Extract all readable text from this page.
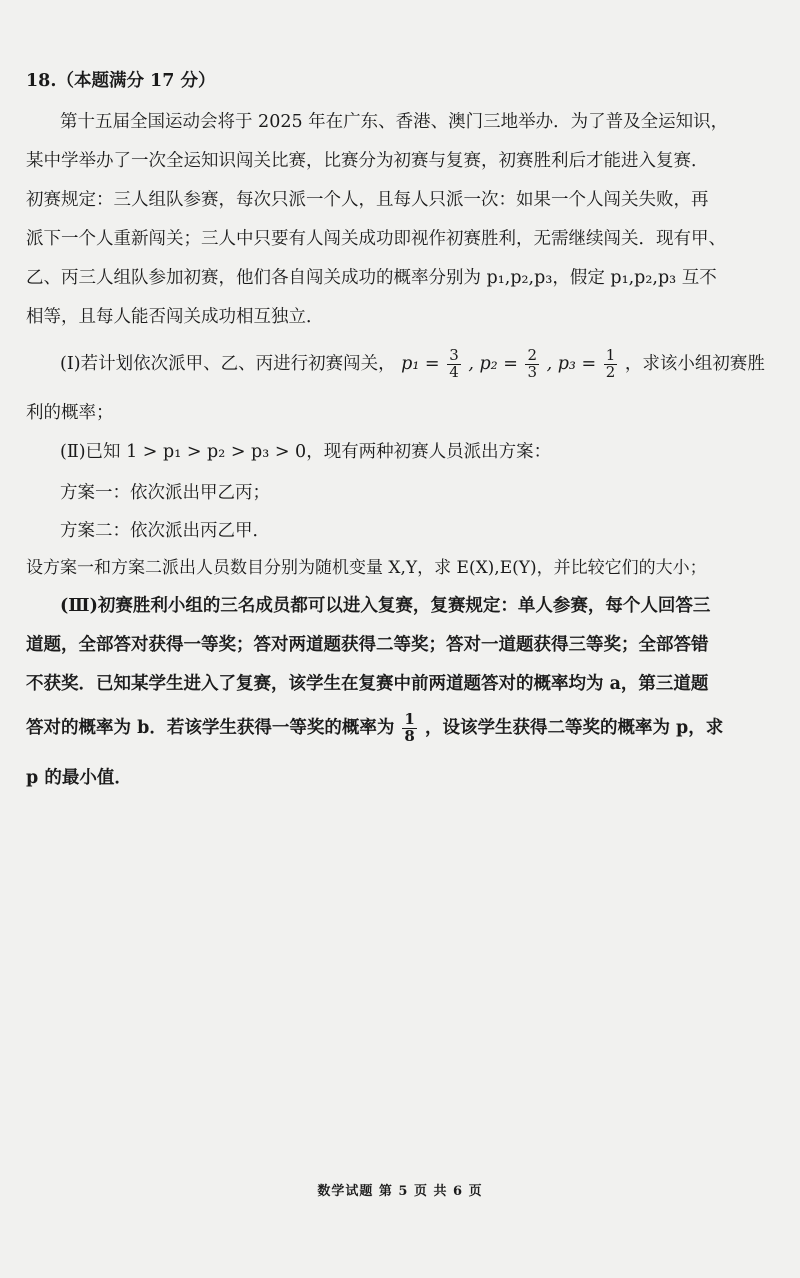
18.（本题满分 17 分）
第十五届全国运动会将于 2025 年在广东、香港、澳门三地举办．为了普及全运知识，
某中学举办了一次全运知识闯关比赛，比赛分为初赛与复赛，初赛胜利后才能进入复赛．
初赛规定：三人组队参赛，每次只派一个人，且每人只派一次：如果一个人闯关失败，再
派下一个人重新闯关；三人中只要有人闯关成功即视作初赛胜利，无需继续闯关．现有甲、
乙、丙三人组队参加初赛，他们各自闯关成功的概率分别为 p₁,p₂,p₃，假定 p₁,p₂,p₃ 互不
相等，且每人能否闯关成功相互独立．
(Ⅰ)若计划依次派甲、乙、丙进行初赛闯关， $p_1 = \frac{3}{4}$ , $p_2 = \frac{2}{3}$ , $p_3 = \frac{1}{2}$ ，求该小组初赛胜
利的概率；
(Ⅱ)已知 1 > p₁ > p₂ > p₃ > 0，现有两种初赛人员派出方案：
方案一：依次派出甲乙丙；
方案二：依次派出丙乙甲．
设方案一和方案二派出人员数目分别为随机变量 X,Y，求 E(X),E(Y)，并比较它们的大小；
(Ⅲ)初赛胜利小组的三名成员都可以进入复赛，复赛规定：单人参赛，每个人回答三
道题，全部答对获得一等奖；答对两道题获得二等奖；答对一道题获得三等奖；全部答错
不获奖．已知某学生进入了复赛，该学生在复赛中前两道题答对的概率均为 a，第三道题
答对的概率为 b．若该学生获得一等奖的概率为 $\frac{1}{8}$ ，设该学生获得二等奖的概率为 p，求
p 的最小值．
数学试题 第 5 页 共 6 页
